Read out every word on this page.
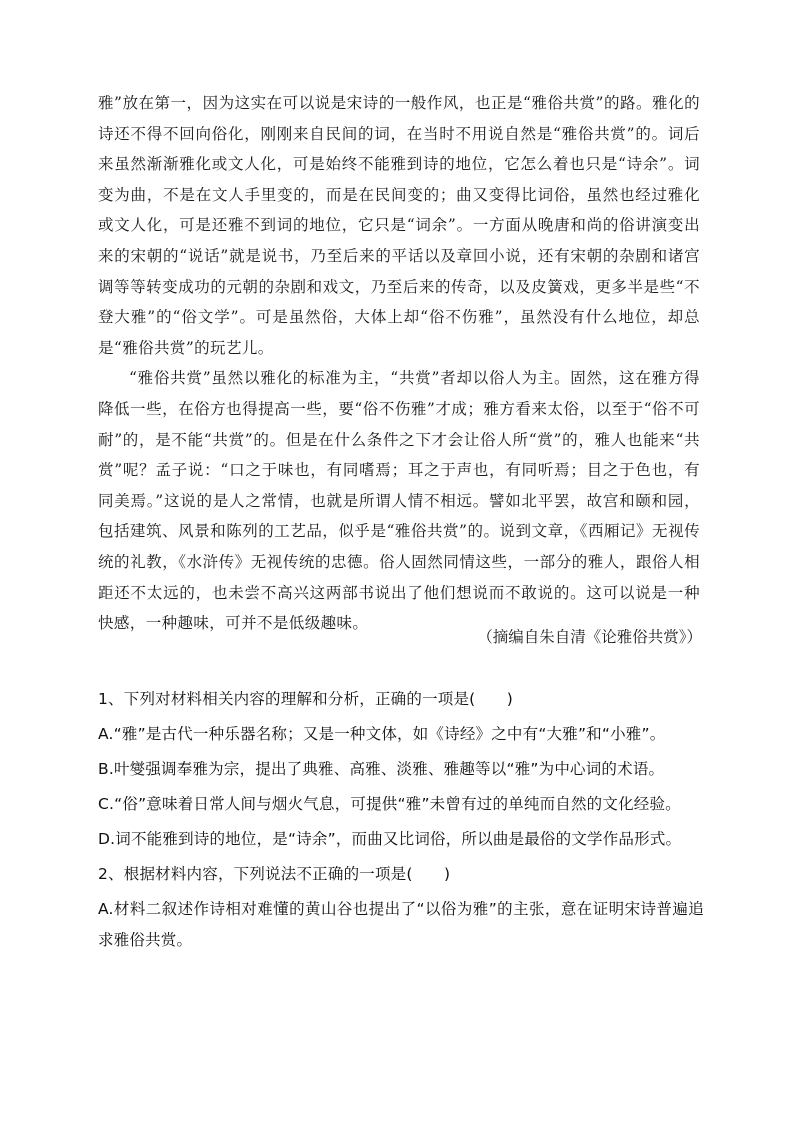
雅”放在第一，因为这实在可以说是宋诗的一般作风，也正是“雅俗共赏”的路。雅化的诗还不得不回向俗化，刚刚来自民间的词，在当时不用说自然是“雅俗共赏”的。词后来虽然渐渐雅化或文人化，可是始终不能雅到诗的地位，它怎么着也只是“诗余”。词变为曲，不是在文人手里变的，而是在民间变的；曲又变得比词俗，虽然也经过雅化或文人化，可是还雅不到词的地位，它只是“词余”。一方面从晚唐和尚的俗讲演变出来的宋朝的“说话”就是说书，乃至后来的平话以及章回小说，还有宋朝的杂剧和诸宫调等等转变成功的元朝的杂剧和戏文，乃至后来的传奇，以及皮簧戏，更多半是些“不登大雅”的“俗文学”。可是虽然俗，大体上却“俗不伤雅”，虽然没有什么地位，却总是“雅俗共赏”的玩艺儿。

“雅俗共赏”虽然以雅化的标准为主，“共赏”者却以俗人为主。固然，这在雅方得降低一些，在俗方也得提高一些，要“俗不伤雅”才成；雅方看来太俗，以至于“俗不可耐”的，是不能“共赏”的。但是在什么条件之下才会让俗人所“赏”的，雅人也能来“共赏”呢？孟子说：“口之于味也，有同嗜焉；耳之于声也，有同听焉；目之于色也，有同美焉。”这说的是人之常情，也就是所谓人情不相远。譬如北平罢，故宫和颐和园，包括建筑、风景和陈列的工艺品，似乎是“雅俗共赏”的。说到文章，《西厢记》无视传统的礼教，《水浒传》无视传统的忠德。俗人固然同情这些，一部分的雅人，跟俗人相距还不太远的，也未尝不高兴这两部书说出了他们想说而不敢说的。这可以说是一种快感，一种趣味，可并不是低级趣味。

（摘编自朱自清《论雅俗共赏》）

1、下列对材料相关内容的理解和分析，正确的一项是(　　)

A.“雅”是古代一种乐器名称；又是一种文体，如《诗经》之中有“大雅”和“小雅”。

B.叶燮强调奉雅为宗，提出了典雅、高雅、淡雅、雅趣等以“雅”为中心词的术语。

C.“俗”意味着日常人间与烟火气息，可提供“雅”未曾有过的单纯而自然的文化经验。

D.词不能雅到诗的地位，是“诗余”，而曲又比词俗，所以曲是最俗的文学作品形式。

2、根据材料内容，下列说法不正确的一项是(　　)

A.材料二叙述作诗相对难懂的黄山谷也提出了“以俗为雅”的主张，意在证明宋诗普遍追求雅俗共赏。
